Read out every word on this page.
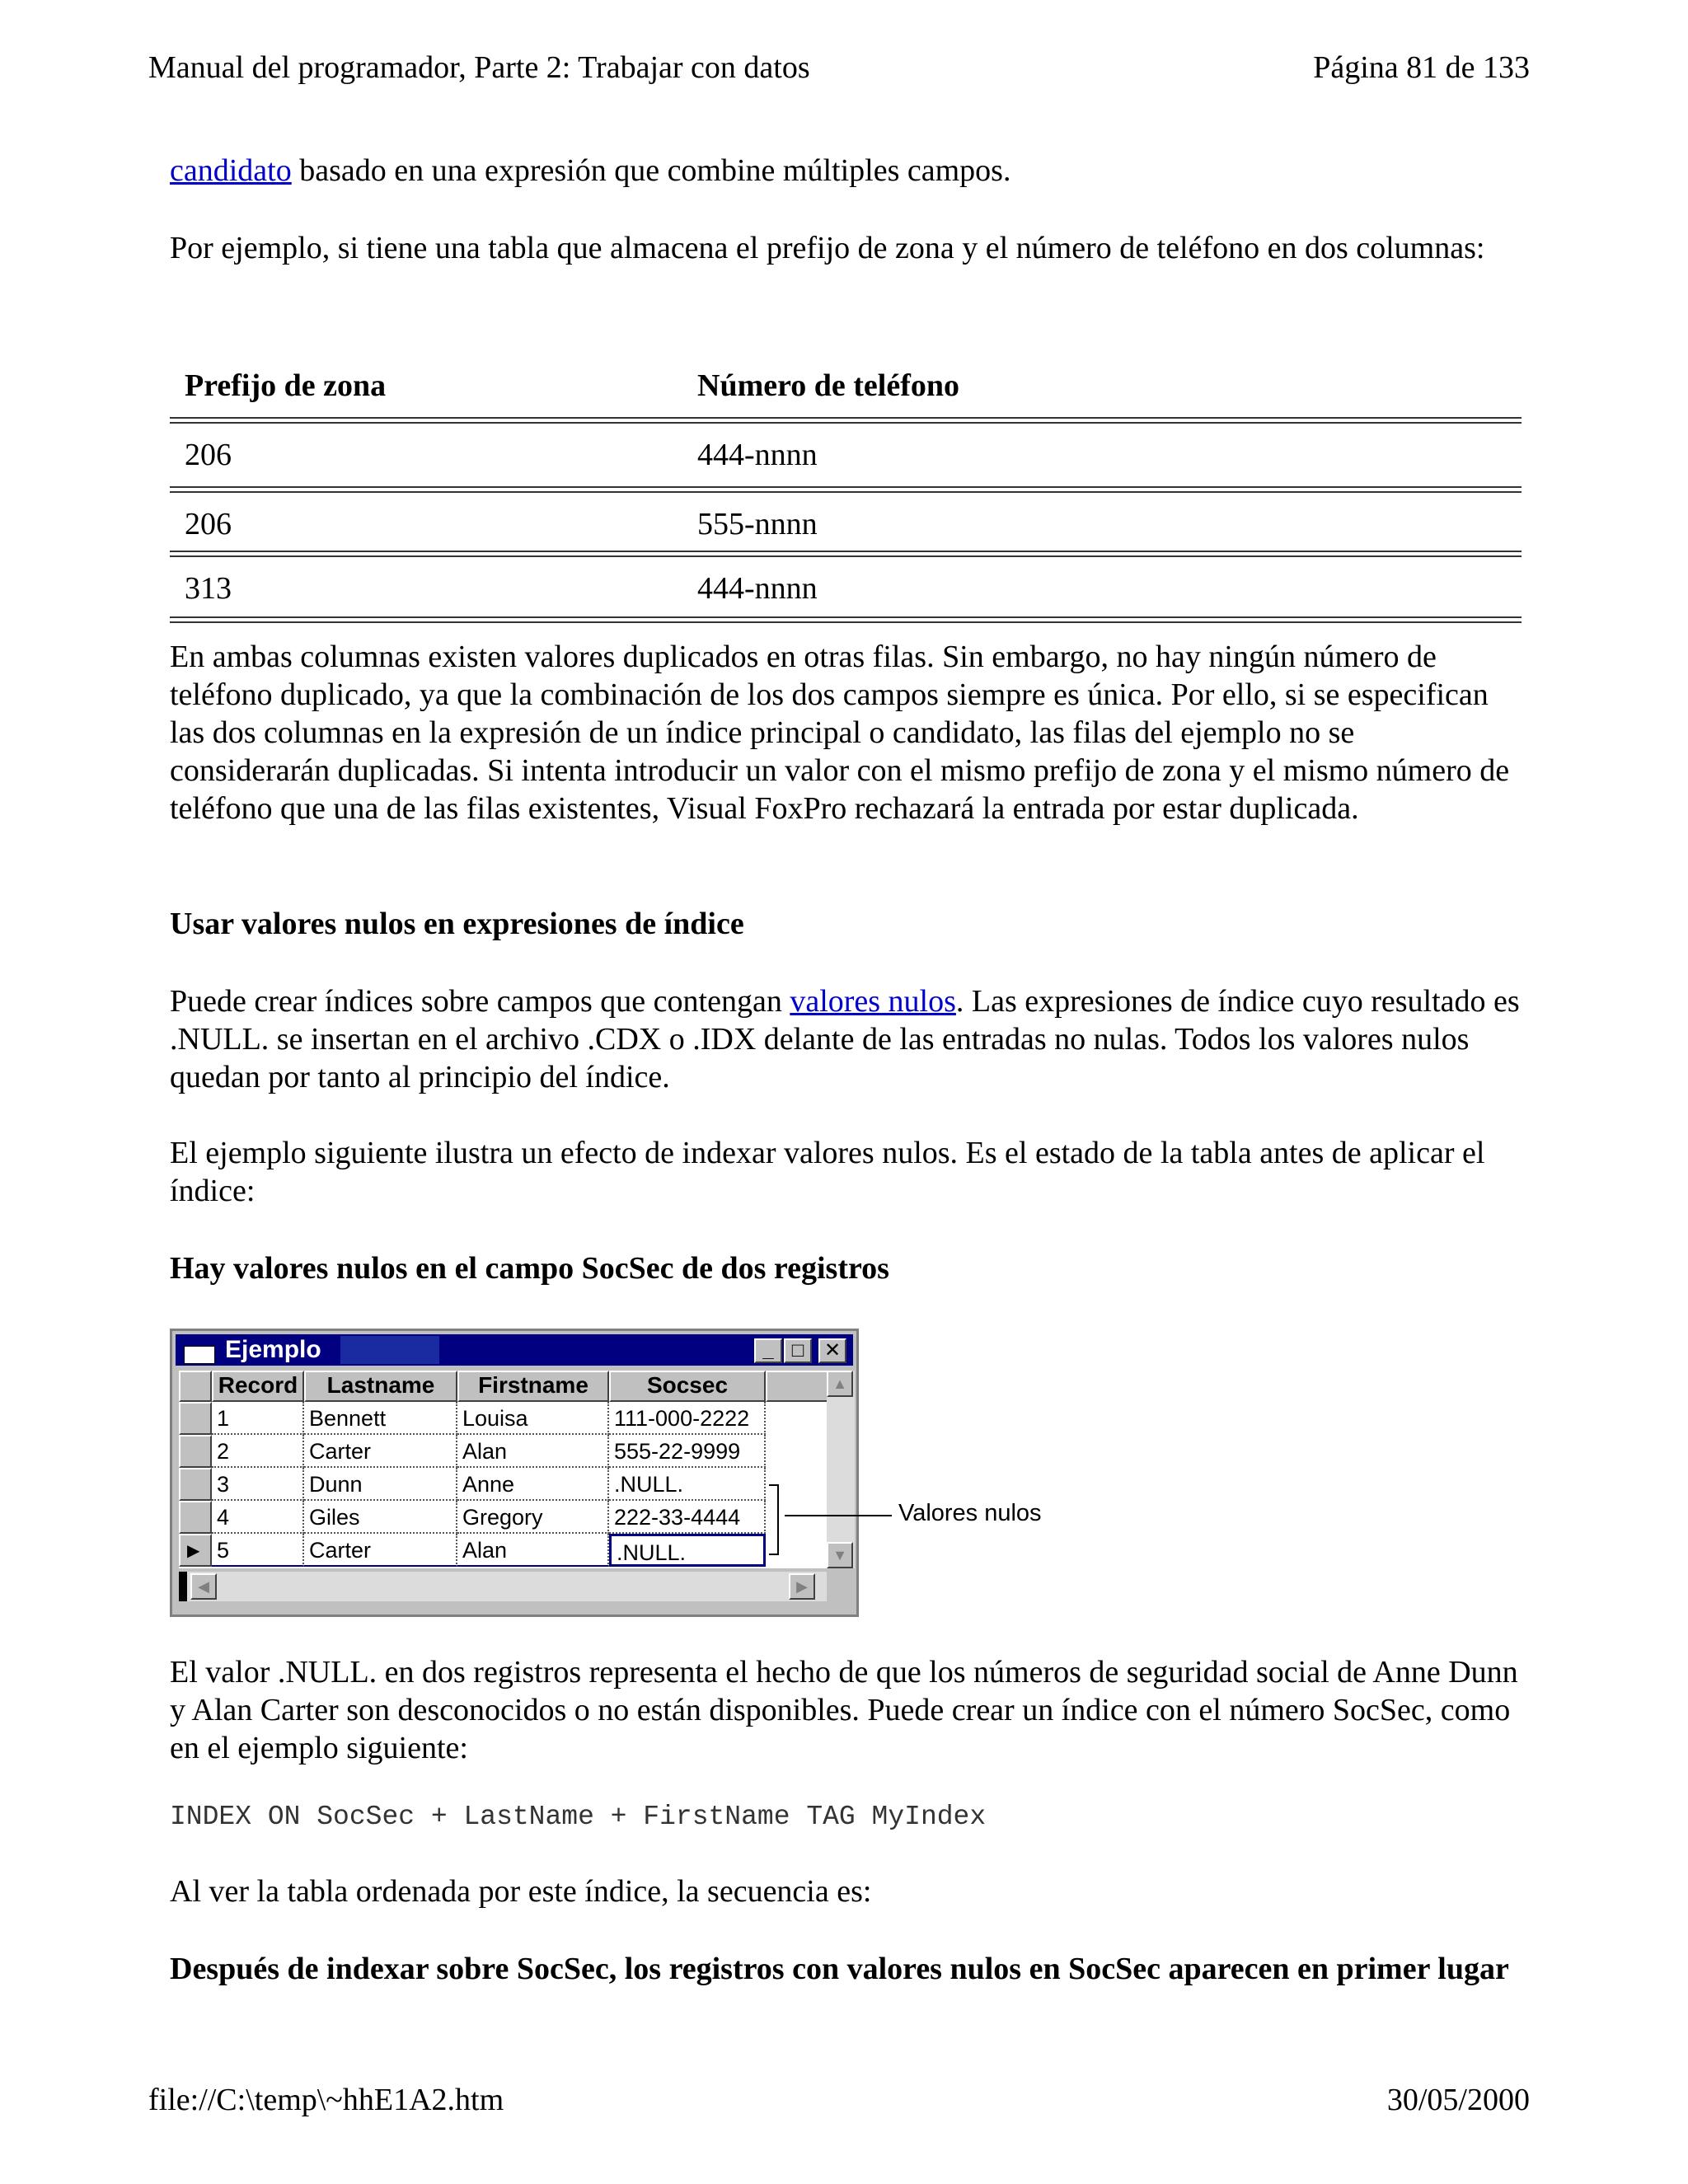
Manual del programador, Parte 2: Trabajar con datos	Página 81 de 133
candidato basado en una expresión que combine múltiples campos.

Por ejemplo, si tiene una tabla que almacena el prefijo de zona y el número de teléfono en dos columnas:

Prefijo de zona	Número de teléfono
206	444-nnnn
206	555-nnnn
313	444-nnnn

En ambas columnas existen valores duplicados en otras filas. Sin embargo, no hay ningún número de teléfono duplicado, ya que la combinación de los dos campos siempre es única. Por ello, si se especifican las dos columnas en la expresión de un índice principal o candidato, las filas del ejemplo no se considerarán duplicadas. Si intenta introducir un valor con el mismo prefijo de zona y el mismo número de teléfono que una de las filas existentes, Visual FoxPro rechazará la entrada por estar duplicada.

Usar valores nulos en expresiones de índice

Puede crear índices sobre campos que contengan valores nulos. Las expresiones de índice cuyo resultado es .NULL. se insertan en el archivo .CDX o .IDX delante de las entradas no nulas. Todos los valores nulos quedan por tanto al principio del índice.

El ejemplo siguiente ilustra un efecto de indexar valores nulos. Es el estado de la tabla antes de aplicar el índice:

Hay valores nulos en el campo SocSec de dos registros

Ejemplo	_ □	✕
Record	Lastname	Firstname	Socsec
1	Bennett	Louisa	111-000-2222
2	Carter	Alan	555-22-9999
3	Dunn	Anne	.NULL.
4	Giles	Gregory	222-33-4444
▶ 5	Carter	Alan	.NULL.
▲
▼
◀	▶
Valores nulos

El valor .NULL. en dos registros representa el hecho de que los números de seguridad social de Anne Dunn y Alan Carter son desconocidos o no están disponibles. Puede crear un índice con el número SocSec, como en el ejemplo siguiente:

INDEX ON SocSec + LastName + FirstName TAG MyIndex

Al ver la tabla ordenada por este índice, la secuencia es:

Después de indexar sobre SocSec, los registros con valores nulos en SocSec aparecen en primer lugar

file://C:\temp\~hhE1A2.htm	30/05/2000
